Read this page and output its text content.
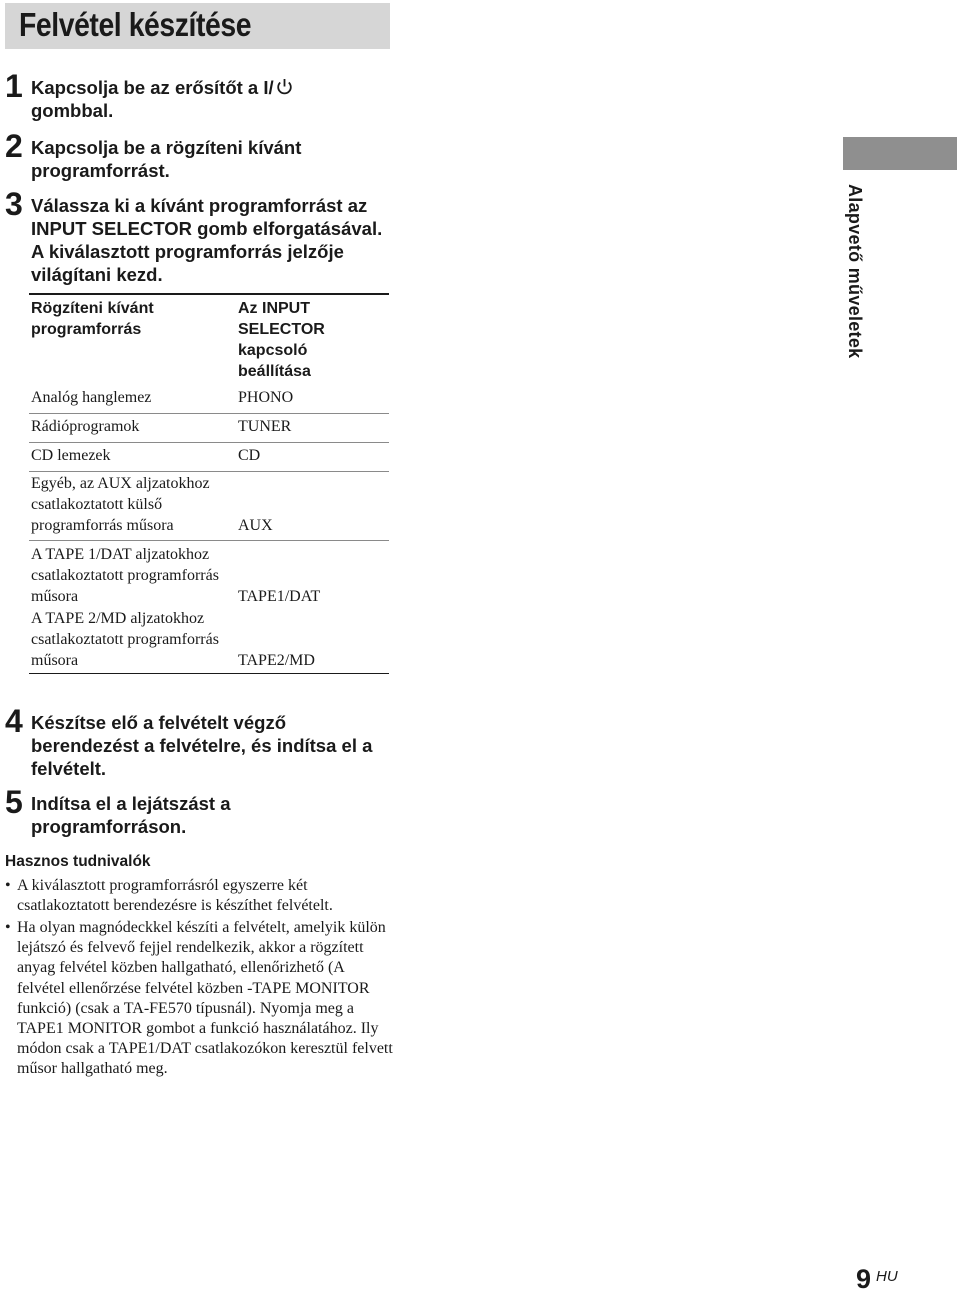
Felvétel készítése
1 Kapcsolja be az erősítőt a I/
gombbal.
2 Kapcsolja be a rögzíteni kívánt programforrást.
3 Válassza ki a kívánt programforrást az INPUT SELECTOR gomb elforgatásával. A kiválasztott programforrás jelzője világítani kezd.
Rögzíteni kívánt programforrás
Az INPUT SELECTOR kapcsoló beállítása
Analóg hanglemez	PHONO
Rádióprogramok	TUNER
CD lemezek	CD
Egyéb, az AUX aljzatokhoz csatlakoztatott külső programforrás műsora	AUX
A TAPE 1/DAT aljzatokhoz csatlakoztatott programforrás műsora	TAPE1/DAT
A TAPE 2/MD aljzatokhoz csatlakoztatott programforrás műsora	TAPE2/MD
4 Készítse elő a felvételt végző berendezést a felvételre, és indítsa el a felvételt.
5 Indítsa el a lejátszást a programforráson.
Hasznos tudnivalók
• A kiválasztott programforrásról egyszerre két csatlakoztatott berendezésre is készíthet felvételt.
• Ha olyan magnódeckkel készíti a felvételt, amelyik külön lejátszó és felvevő fejjel rendelkezik, akkor a rögzített anyag felvétel közben hallgatható, ellenőrizhető (A felvétel ellenőrzése felvétel közben -TAPE MONITOR funkció) (csak a TA-FE570 típusnál). Nyomja meg a TAPE1 MONITOR gombot a funkció használatához. Ily módon csak a TAPE1/DAT csatlakozókon keresztül felvett műsor hallgatható meg.
Alapvető műveletek
9 HU
